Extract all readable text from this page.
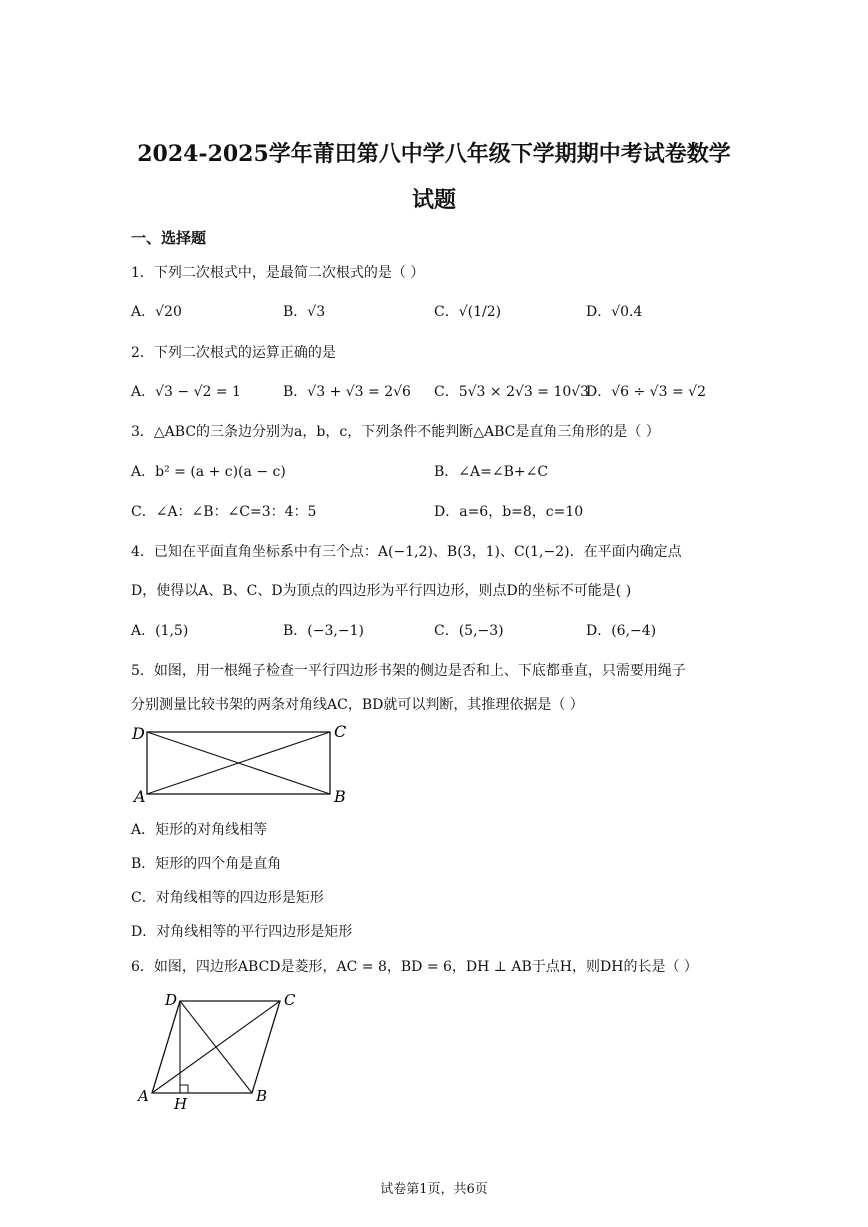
2024-2025学年莆田第八中学八年级下学期期中考试卷数学
试题
一、选择题
1．下列二次根式中，是最简二次根式的是（ ）
A．√20	B．√3	C．√(1/2)	D．√0.4
2．下列二次根式的运算正确的是
A．√3 − √2 = 1	B．√3 + √3 = 2√6 C．5√3 × 2√3 = 10√3
D．√6 ÷ √3 = √2
3．△ABC的三条边分别为a，b，c，下列条件不能判断△ABC是直角三角形的是（ ）
A．b² = (a + c)(a − c)	B．∠A=∠B+∠C
C．∠A：∠B：∠C=3：4：5	D．a=6，b=8，c=10
4．已知在平面直角坐标系中有三个点：A(−1,2)、B(3，1)、C(1,−2)．在平面内确定点
D，使得以A、B、C、D为顶点的四边形为平行四边形，则点D的坐标不可能是( )
A．(1,5)	B．(−3,−1)	C．(5,−3)	D．(6,−4)
5．如图，用一根绳子检查一平行四边形书架的侧边是否和上、下底都垂直，只需要用绳子
分别测量比较书架的两条对角线AC，BD就可以判断，其推理依据是（ ）
D	C
A	B
A．矩形的对角线相等
B．矩形的四个角是直角
C．对角线相等的四边形是矩形
D．对角线相等的平行四边形是矩形
6．如图，四边形ABCD是菱形，AC = 8，BD = 6，DH ⊥ AB于点H，则DH的长是（ ）
D	C
A H	B
试卷第1页，共6页
